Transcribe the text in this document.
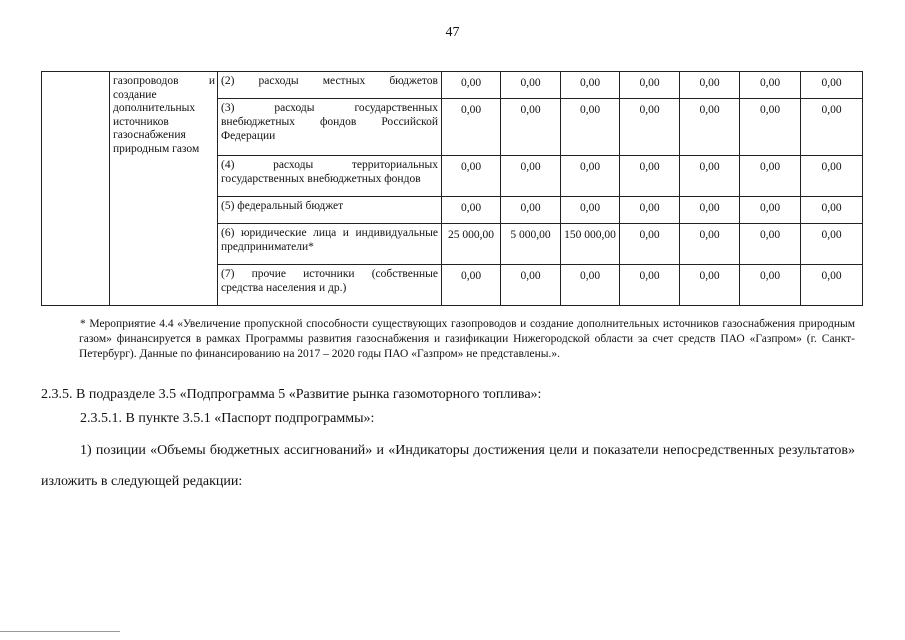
47
	газопроводов и создание дополнительных источников газоснабжения природным газом	(2) расходы местных бюджетов	0,00	0,00	0,00	0,00	0,00	0,00	0,00
		(3) расходы государственных внебюджетных фондов Российской Федерации	0,00	0,00	0,00	0,00	0,00	0,00	0,00
		(4) расходы территориальных государственных внебюджетных фондов	0,00	0,00	0,00	0,00	0,00	0,00	0,00
		(5) федеральный бюджет	0,00	0,00	0,00	0,00	0,00	0,00	0,00
		(6) юридические лица и индивидуальные предприниматели*	25 000,00	5 000,00	150 000,00	0,00	0,00	0,00	0,00
		(7) прочие источники (собственные средства населения и др.)	0,00	0,00	0,00	0,00	0,00	0,00	0,00

* Мероприятие 4.4 «Увеличение пропускной способности существующих газопроводов и создание дополнительных источников газоснабжения природным газом» финансируется в рамках Программы развития газоснабжения и газификации Нижегородской области за счет средств ПАО «Газпром» (г. Санкт-Петербург). Данные по финансированию на 2017 – 2020 годы ПАО «Газпром» не представлены.».

2.3.5. В подразделе 3.5 «Подпрограмма 5 «Развитие рынка газомоторного топлива»:

2.3.5.1. В пункте 3.5.1 «Паспорт подпрограммы»:

1) позиции «Объемы бюджетных ассигнований» и «Индикаторы достижения цели и показатели непосредственных результатов» изложить в следующей редакции:
